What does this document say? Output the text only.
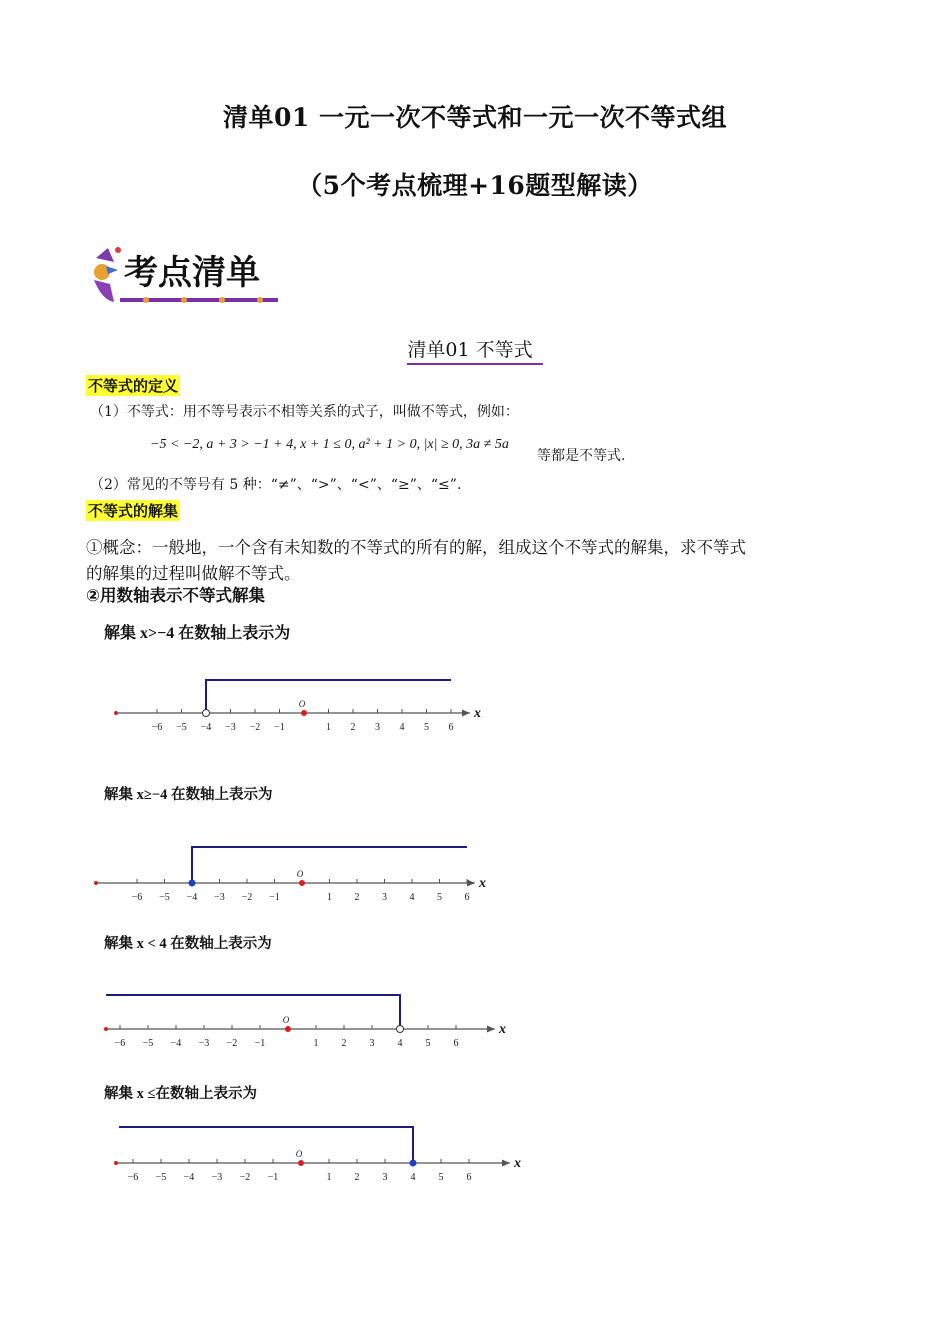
清单01 一元一次不等式和一元一次不等式组
（5个考点梳理+16题型解读）
考点清单
清单01 不等式
不等式的定义
（1）不等式：用不等号表示不相等关系的式子，叫做不等式，例如：
−5 < −2, a + 3 > −1 + 4, x + 1 ≤ 0, a² + 1 > 0, |x| ≥ 0, 3a ≠ 5a
等都是不等式.
（2）常见的不等号有 5 种：“≠”、“>”、“<”、“≥”、“≤”.
不等式的解集
①概念：一般地，一个含有未知数的不等式的所有的解，组成这个不等式的解集，求不等式
的解集的过程叫做解不等式。
②用数轴表示不等式解集
解集 x>−4 在数轴上表示为
解集 x≥−4 在数轴上表示为
解集 x < 4 在数轴上表示为
解集 x ≤在数轴上表示为
x
−6 −5 −4 −3 −2 −1	1 2 3 4 5 6
O
x
−6 −5 −4 −3 −2 −1	1 2 3 4 5 6
O
x
−6 −5 −4 −3 −2 −1	1 2 3 4 5 6
O
x
−6 −5 −4 −3 −2 −1	1 2 3 4 5 6
O
